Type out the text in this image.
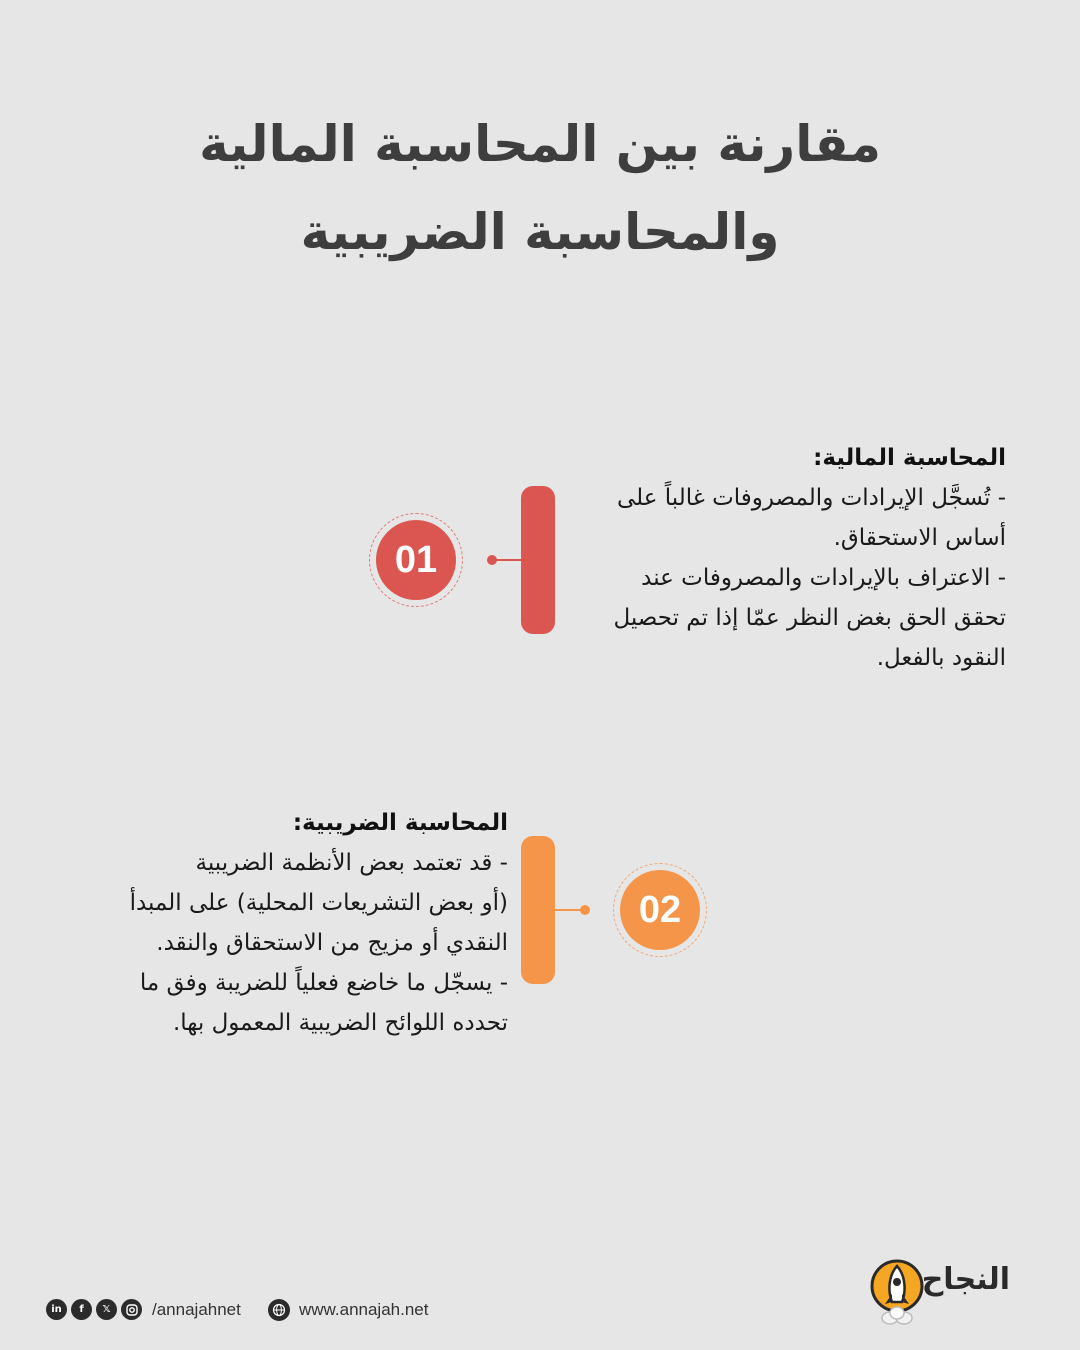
مقارنة بين المحاسبة المالية
والمحاسبة الضريبية
المحاسبة المالية:
- تُسجَّل الإيرادات والمصروفات غالباً على
أساس الاستحقاق.
- الاعتراف بالإيرادات والمصروفات عند
تحقق الحق بغض النظر عمّا إذا تم تحصيل
النقود بالفعل.
01
المحاسبة الضريبية:
- قد تعتمد بعض الأنظمة الضريبية
(أو بعض التشريعات المحلية) على المبدأ
النقدي أو مزيج من الاستحقاق والنقد.
- يسجّل ما خاضع فعلياً للضريبة وفق ما
تحدده اللوائح الضريبية المعمول بها.
02
in	f	𝕏	/annajahnet	www.annajah.net
النجاح
